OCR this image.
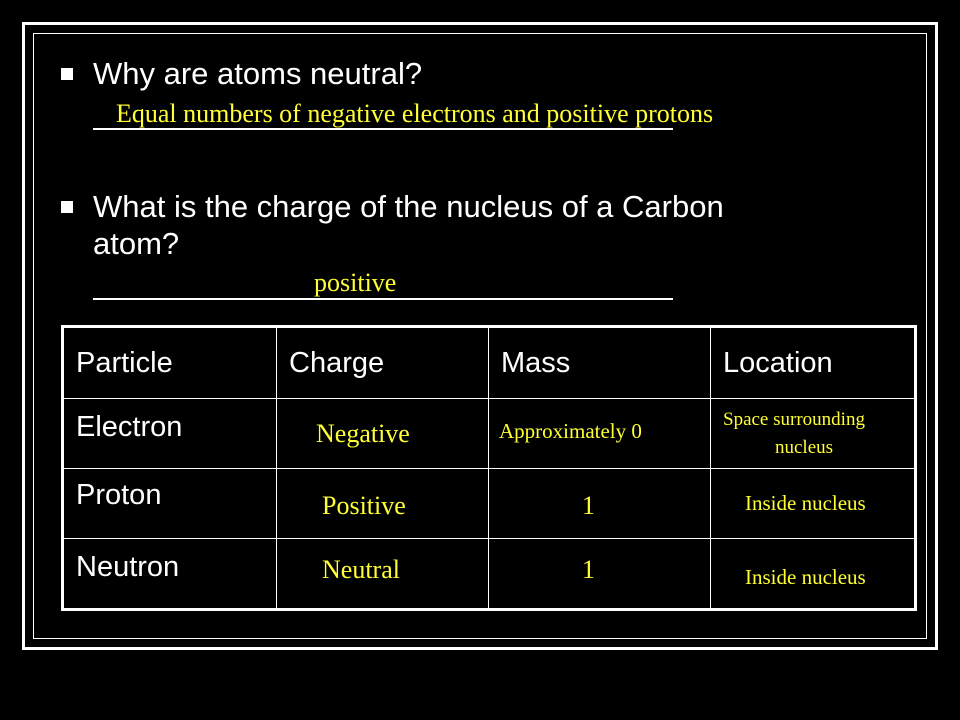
Why are atoms neutral?
Equal numbers of negative electrons and positive protons
What is the charge of the nucleus of a Carbon
atom?
positive
Particle	Charge	Mass	Location

Electron	Negative	Approximately 0	Space surrounding
nucleus

Proton	Positive	1	Inside nucleus

Neutron	Neutral	1	Inside nucleus
